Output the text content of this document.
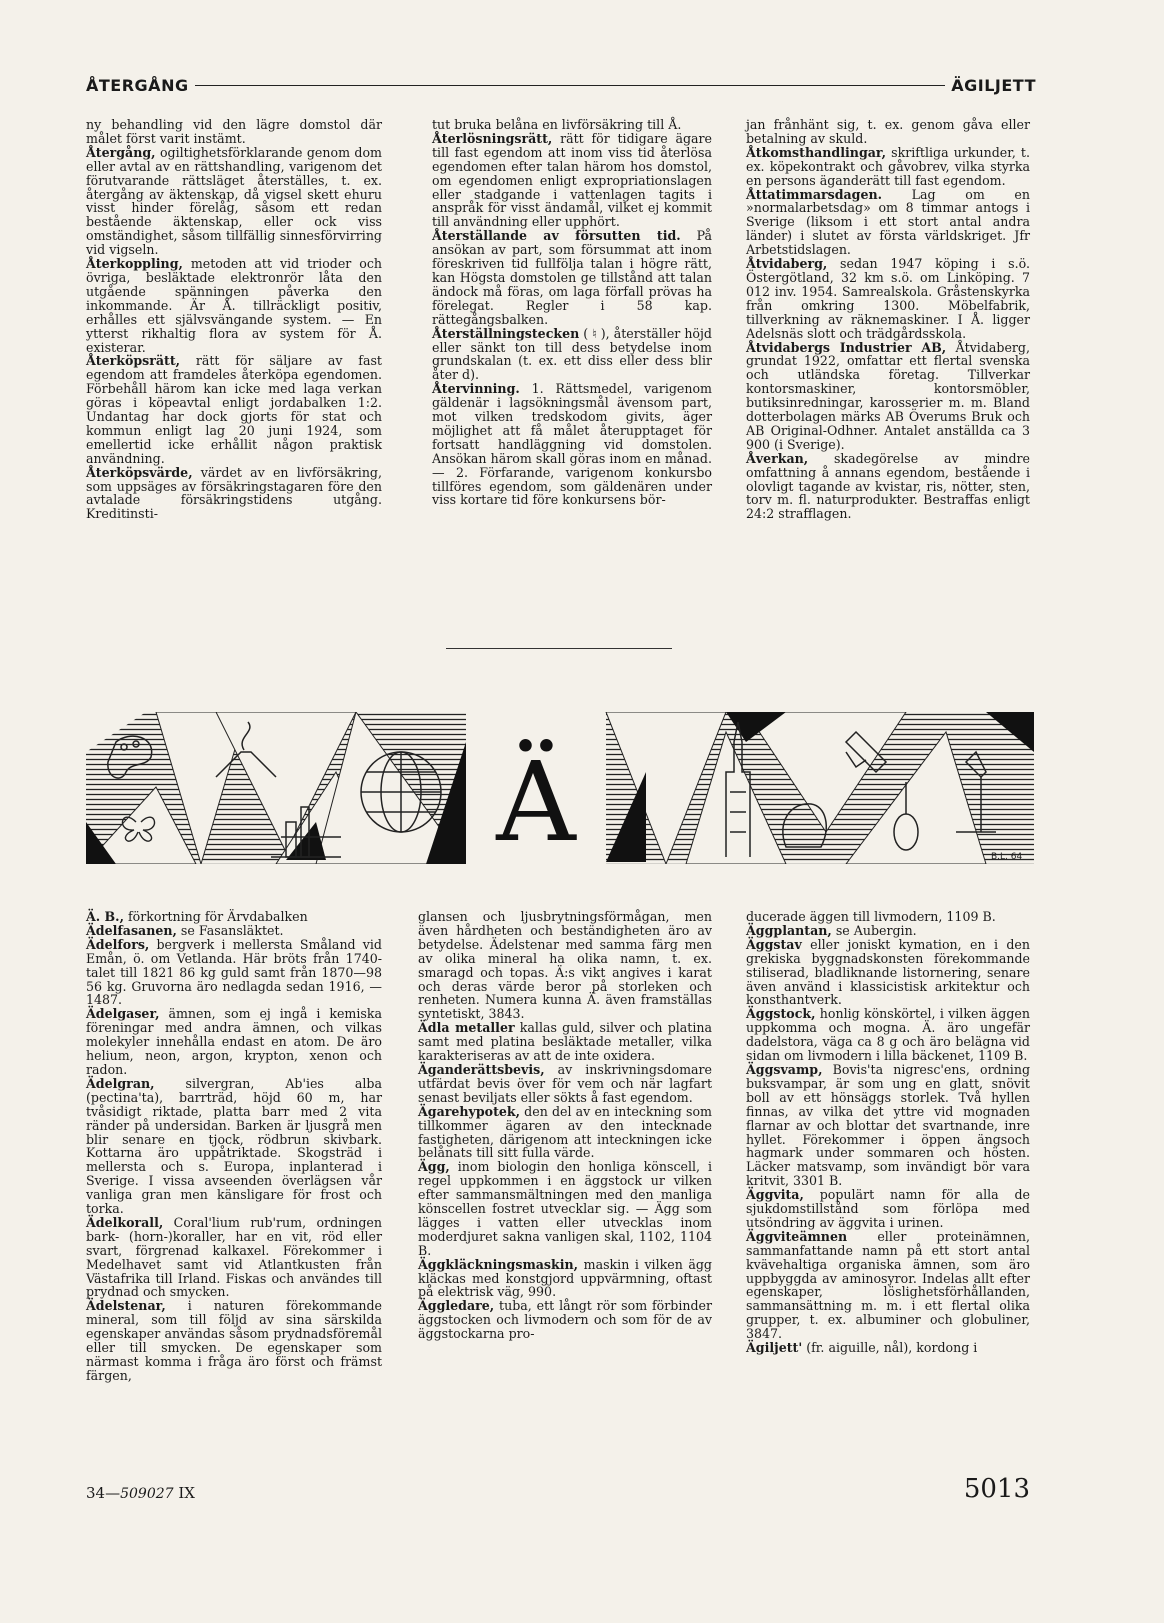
ÅTERGÅNG	ÄGILJETT

ny behandling vid den lägre domstol där målet först varit instämt.

Återgång, ogiltighetsförklarande genom dom eller avtal av en rättshandling, varigenom det förutvarande rättsläget återställes, t. ex. återgång av äktenskap, då vigsel skett ehuru visst hinder förelåg, såsom ett redan bestående äktenskap, eller ock viss omständighet, såsom tillfällig sinnesförvirring vid vigseln.

Återkoppling, metoden att vid trioder och övriga, besläktade elektronrör låta den utgående spänningen påverka den inkommande. Är Å. tillräckligt positiv, erhålles ett självsvängande system. — En ytterst rikhaltig flora av system för Å. existerar.

Återköpsrätt, rätt för säljare av fast egendom att framdeles återköpa egendomen. Förbehåll härom kan icke med laga verkan göras i köpeavtal enligt jordabalken 1:2. Undantag har dock gjorts för stat och kommun enligt lag 20 juni 1924, som emellertid icke erhållit någon praktisk användning.

Återköpsvärde, värdet av en livförsäkring, som uppsäges av försäkringstagaren före den avtalade försäkringstidens utgång. Kreditinsti-

tut bruka belåna en livförsäkring till Å.

Återlösningsrätt, rätt för tidigare ägare till fast egendom att inom viss tid återlösa egendomen efter talan härom hos domstol, om egendomen enligt expropriationslagen eller stadgande i vattenlagen tagits i anspråk för visst ändamål, vilket ej kommit till användning eller upphört.

Återställande av försutten tid. På ansökan av part, som försummat att inom föreskriven tid fullfölja talan i högre rätt, kan Högsta domstolen ge tillstånd att talan ändock må föras, om laga förfall prövas ha förelegat. Regler i 58 kap. rättegångsbalken.

Återställningstecken ( ♮ ), återställer höjd eller sänkt ton till dess betydelse inom grundskalan (t. ex. ett diss eller dess blir åter d).

Återvinning. 1. Rättsmedel, varigenom gäldenär i lagsökningsmål ävensom part, mot vilken tredskodom givits, äger möjlighet att få målet återupptaget för fortsatt handläggning vid domstolen. Ansökan härom skall göras inom en månad. — 2. Förfarande, varigenom konkursbo tillföres egendom, som gäldenären under viss kortare tid före konkursens bör-

jan frånhänt sig, t. ex. genom gåva eller betalning av skuld.

Åtkomsthandlingar, skriftliga urkunder, t. ex. köpekontrakt och gåvobrev, vilka styrka en persons äganderätt till fast egendom.

Åttatimmarsdagen. Lag om en »normalarbetsdag» om 8 timmar antogs i Sverige (liksom i ett stort antal andra länder) i slutet av första världskriget. Jfr Arbetstidslagen.

Åtvidaberg, sedan 1947 köping i s.ö. Östergötland, 32 km s.ö. om Linköping. 7 012 inv. 1954. Samrealskola. Gråstenskyrka från omkring 1300. Möbelfabrik, tillverkning av räknemaskiner. I Å. ligger Adelsnäs slott och trädgårdsskola.

Åtvidabergs Industrier AB, Åtvidaberg, grundat 1922, omfattar ett flertal svenska och utländska företag. Tillverkar kontorsmaskiner, kontorsmöbler, butiksinredningar, karosserier m. m. Bland dotterbolagen märks AB Överums Bruk och AB Original-Odhner. Antalet anställda ca 3 900 (i Sverige).

Åverkan, skadegörelse av mindre omfattning å annans egendom, bestående i olovligt tagande av kvistar, ris, nötter, sten, torv m. fl. naturprodukter. Bestraffas enligt 24:2 strafflagen.

Ä	B.L. 64

Ä. B., förkortning för Ärvdabalken

Ädelfasanen, se Fasansläktet.

Ädelfors, bergverk i mellersta Småland vid Emån, ö. om Vetlanda. Här bröts från 1740-talet till 1821 86 kg guld samt från 1870—98 56 kg. Gruvorna äro nedlagda sedan 1916, — 1487.

Ädelgaser, ämnen, som ej ingå i kemiska föreningar med andra ämnen, och vilkas molekyler innehålla endast en atom. De äro helium, neon, argon, krypton, xenon och radon.

Ädelgran, silvergran, Ab'ies alba (pectina'ta), barrträd, höjd 60 m, har tvåsidigt riktade, platta barr med 2 vita ränder på undersidan. Barken är ljusgrå men blir senare en tjock, rödbrun skivbark. Kottarna äro uppåtriktade. Skogsträd i mellersta och s. Europa, inplanterad i Sverige. I vissa avseenden överlägsen vår vanliga gran men känsligare för frost och torka.

Ädelkorall, Coral'lium rub'rum, ordningen bark- (horn-)koraller, har en vit, röd eller svart, förgrenad kalkaxel. Förekommer i Medelhavet samt vid Atlantkusten från Västafrika till Irland. Fiskas och användes till prydnad och smycken.

Ädelstenar, i naturen förekommande mineral, som till följd av sina särskilda egenskaper användas såsom prydnadsföremål eller till smycken. De egenskaper som närmast komma i fråga äro först och främst färgen,

glansen och ljusbrytningsförmågan, men även hårdheten och beständigheten äro av betydelse. Ädelstenar med samma färg men av olika mineral ha olika namn, t. ex. smaragd och topas. Ä:s vikt angives i karat och deras värde beror på storleken och renheten. Numera kunna Ä. även framställas syntetiskt, 3843.

Ädla metaller kallas guld, silver och platina samt med platina besläktade metaller, vilka karakteriseras av att de inte oxidera.

Äganderättsbevis, av inskrivningsdomare utfärdat bevis över för vem och när lagfart senast beviljats eller sökts å fast egendom.

Ägarehypotek, den del av en inteckning som tillkommer ägaren av den intecknade fastigheten, därigenom att inteckningen icke belånats till sitt fulla värde.

Ägg, inom biologin den honliga könscell, i regel uppkommen i en äggstock ur vilken efter sammansmältningen med den manliga könscellen fostret utvecklar sig. — Ägg som lägges i vatten eller utvecklas inom moderdjuret sakna vanligen skal, 1102, 1104 B.

Äggkläckningsmaskin, maskin i vilken ägg kläckas med konstgjord uppvärmning, oftast på elektrisk väg, 990.

Äggledare, tuba, ett långt rör som förbinder äggstocken och livmodern och som för de av äggstockarna pro-

ducerade äggen till livmodern, 1109 B.

Äggplantan, se Aubergin.

Äggstav eller joniskt kymation, en i den grekiska byggnadskonsten förekommande stiliserad, bladliknande listornering, senare även använd i klassicistisk arkitektur och konsthantverk.

Äggstock, honlig könskörtel, i vilken äggen uppkomma och mogna. Ä. äro ungefär dadelstora, väga ca 8 g och äro belägna vid sidan om livmodern i lilla bäckenet, 1109 B.

Äggsvamp, Bovis'ta nigresc'ens, ordning buksvampar, är som ung en glatt, snövit boll av ett hönsäggs storlek. Två hyllen finnas, av vilka det yttre vid mognaden flarnar av och blottar det svartnande, inre hyllet. Förekommer i öppen ängsoch hagmark under sommaren och hösten. Läcker matsvamp, som invändigt bör vara kritvit, 3301 B.

Äggvita, populärt namn för alla de sjukdomstillstånd som förlöpa med utsöndring av äggvita i urinen.

Äggviteämnen eller proteinämnen, sammanfattande namn på ett stort antal kvävehaltiga organiska ämnen, som äro uppbyggda av aminosyror. Indelas allt efter egenskaper, löslighetsförhållanden, sammansättning m. m. i ett flertal olika grupper, t. ex. albuminer och globuliner, 3847.

Ägiljett' (fr. aiguille, nål), kordong i

34—509027 IX	5013
